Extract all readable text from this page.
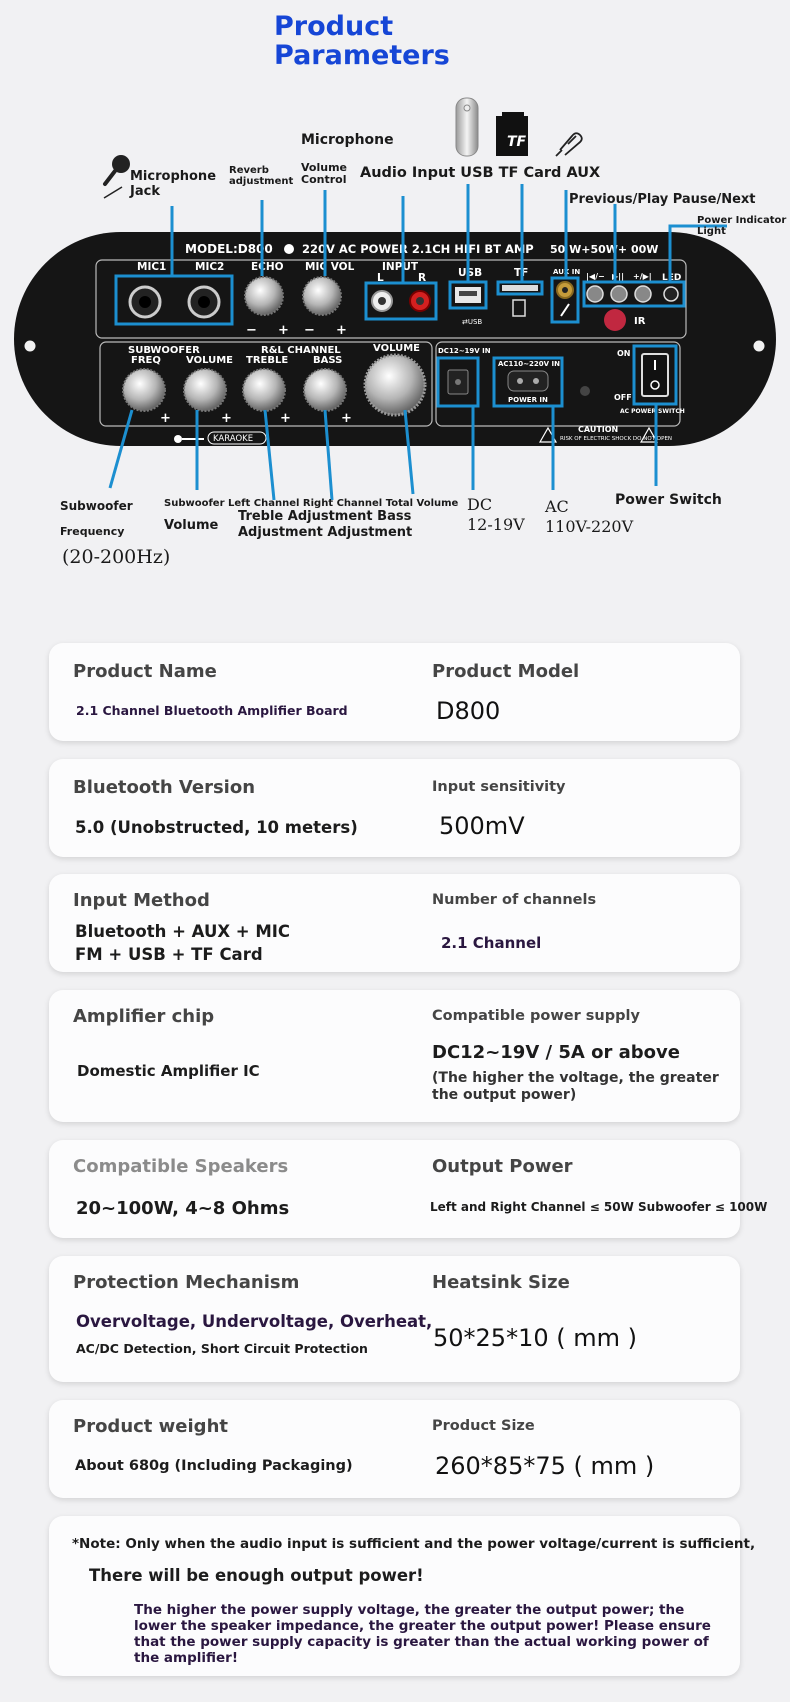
Product
Parameters
MODEL:D800	220V AC POWER 2.1CH HIFI BT AMP 50 W+50W+ 00W
MIC1	MIC2	ECHO MIC VOL	INPUT
L	R	USB	TF	LED
IR
AUX IN |◀/− ▶|| +/▶|
− + − +
⇄USB
SUBWOOFER
FREQ	VOLUME
R&L CHANNEL
TREBLE BASS
VOLUME
+	+	+	+
KARAOKE
DC12~19V IN
AC110~220V IN
POWER IN
ON
OFF
AC POWER SWITCH
CAUTION
RISK OF ELECTRIC SHOCK DO NOT OPEN
TF
Microphone Jack
Reverb adjustment
Microphone
Volume Control Audio Input USB TF Card AUX
Previous/Play Pause/Next
Power Indicator Light
Subwoofer
Frequency
(20-200Hz)
Subwoofer Left Channel Right Channel Total Volume
Volume
Treble Adjustment Bass
Adjustment Adjustment
DC
12-19V
AC
110V-220V
Power Switch
Product Name
2.1 Channel Bluetooth Amplifier Board
Product Model
D800
Bluetooth Version
5.0 (Unobstructed, 10 meters)
Input sensitivity
500mV
Input Method
Bluetooth + AUX + MIC
FM + USB + TF Card
Number of channels
2.1 Channel
Amplifier chip
Domestic Amplifier IC
Compatible power supply
DC12~19V / 5A or above
(The higher the voltage, the greater the output power)
Compatible Speakers
20~100W, 4~8 Ohms
Output Power
Left and Right Channel ≤ 50W Subwoofer ≤ 100W
Protection Mechanism
Overvoltage, Undervoltage, Overheat,
AC/DC Detection, Short Circuit Protection
Heatsink Size
50*25*10 ( mm )
Product weight
About 680g (Including Packaging)
Product Size
260*85*75 ( mm )
*Note: Only when the audio input is sufficient and the power voltage/current is sufficient,
There will be enough output power!
The higher the power supply voltage, the greater the output power; the lower the speaker impedance, the greater the output power! Please ensure that the power supply capacity is greater than the actual working power of the amplifier!
